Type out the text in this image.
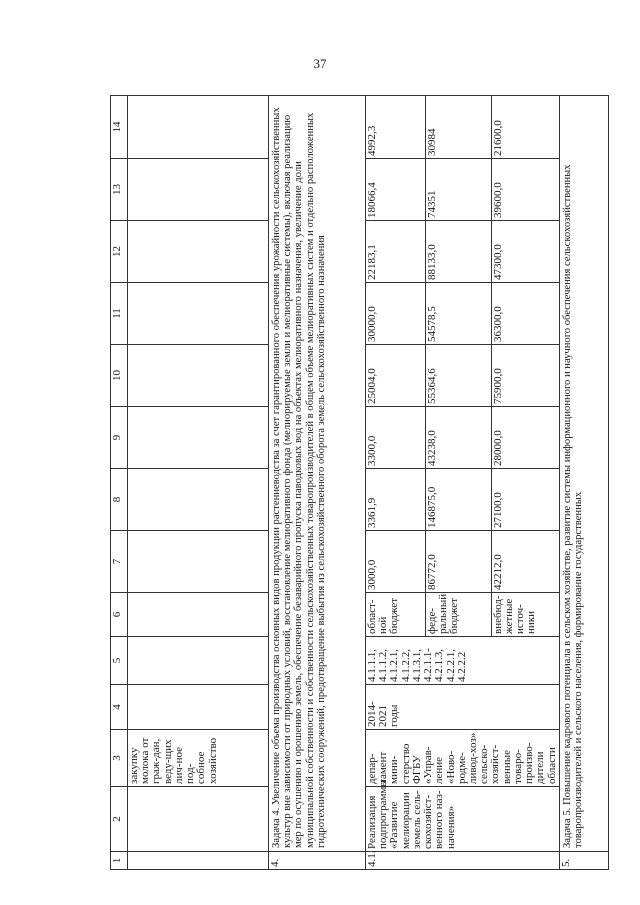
37
1	2	3	4	5	6	7	8	9	10	11	12	13	14
		закупку молока от граж-дан, веду-щих лич-ное под-собное хозяйство											
4.	Задача 4. Увеличение объема производства основных видов продукции растениеводства за счет гарантированного обеспечения урожайности сельскохозяйственных культур вне зависимости от природных условий, восстановление мелиоративного фонда (мелиорируемые земли и мелиоративные системы), включая реализацию мер по осушению и орошению земель, обеспечение безаварийного пропуска паводковых вод на объектах мелиоративного назначения, увеличение доли муниципальной собственности и собственности сельскохозяйственных товаропроизводителей в общем объеме мелиоративных систем и отдельно расположенных гидротехнических сооружений, предотвращение выбытия из сельскохозяйственного оборота земель сельскохозяйственного назначения												
4.1.	Реализация подпрограммы «Развитие мелиорации земель сель-скохозяйст-венного наз-начения»	депар-тамент мини-стерство ФГБУ «Управ-ление «Ново-родме-ливод-хоз» сельско-хозяйст-венные товаро-произво-дители области	2014-2021 годы	4.1.1.1, 4.1.1.2, 4.1.2.1, 4.1.2.2, 4.1.3.1, 4.2.1.1-4.2.1.3, 4.2.2.1, 4.2.2.2	област-ной бюджет	3000,0	3361,9	3300,0	25004,0	30000,0	22183,1	18066,4	4992,3
					феде-ральный бюджет	86772,0	146875,0	43238,0	55364,6	54578,5	88133,0	74351	30984
					внебюд-жетные источ-ники	42212,0	27100,0	28000,0	75900,0	36300,0	47300,0	39600,0	21600,0
5.	Задача 5. Повышение кадрового потенциала в сельском хозяйстве, развитие системы информационного и научного обеспечения сельскохозяйственных товаропроизводителей и сельского населения, формирование государственных												
